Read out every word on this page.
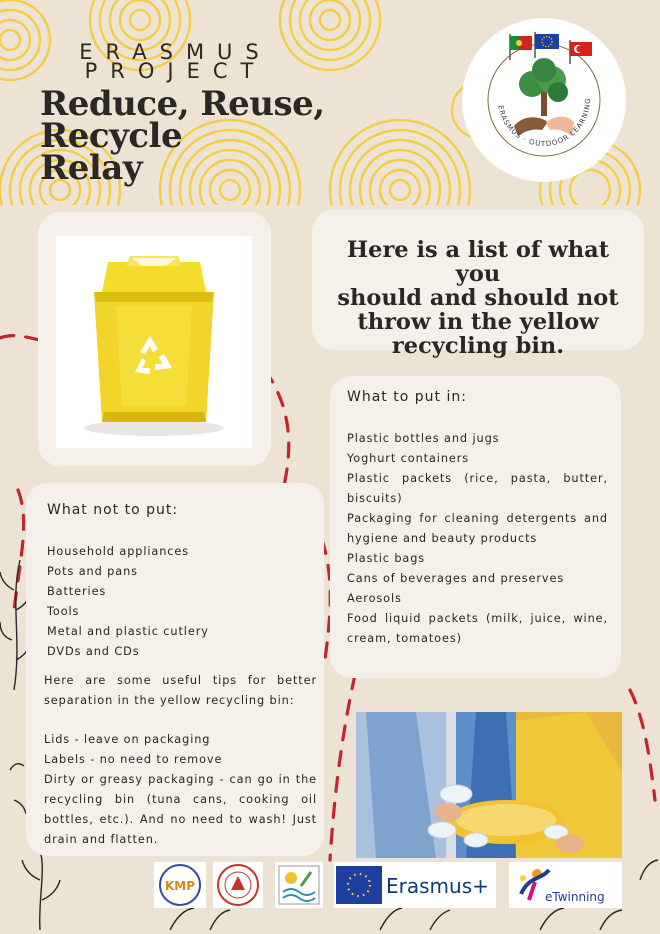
ERASMUS
PROJECT
Reduce, Reuse, Recycle
Relay
ERASMUS · OUTDOOR LEARNING
Here is a list of what you
should and should not
throw in the yellow
recycling bin.
What to put in:
Plastic bottles and jugs
Yoghurt containers
Plastic packets (rice, pasta, butter, biscuits)
Packaging for cleaning detergents and hygiene and beauty products
Plastic bags
Cans of beverages and preserves
Aerosols
Food liquid packets (milk, juice, wine, cream, tomatoes)
What not to put:
Household appliances
Pots and pans
Batteries
Tools
Metal and plastic cutlery
DVDs and CDs

Here are some useful tips for better separation in the yellow recycling bin:

Lids - leave on packaging
Labels - no need to remove
Dirty or greasy packaging - can go in the recycling bin (tuna cans, cooking oil bottles, etc.). And no need to wash! Just drain and flatten.
KMP	Erasmus+	eTwinning
